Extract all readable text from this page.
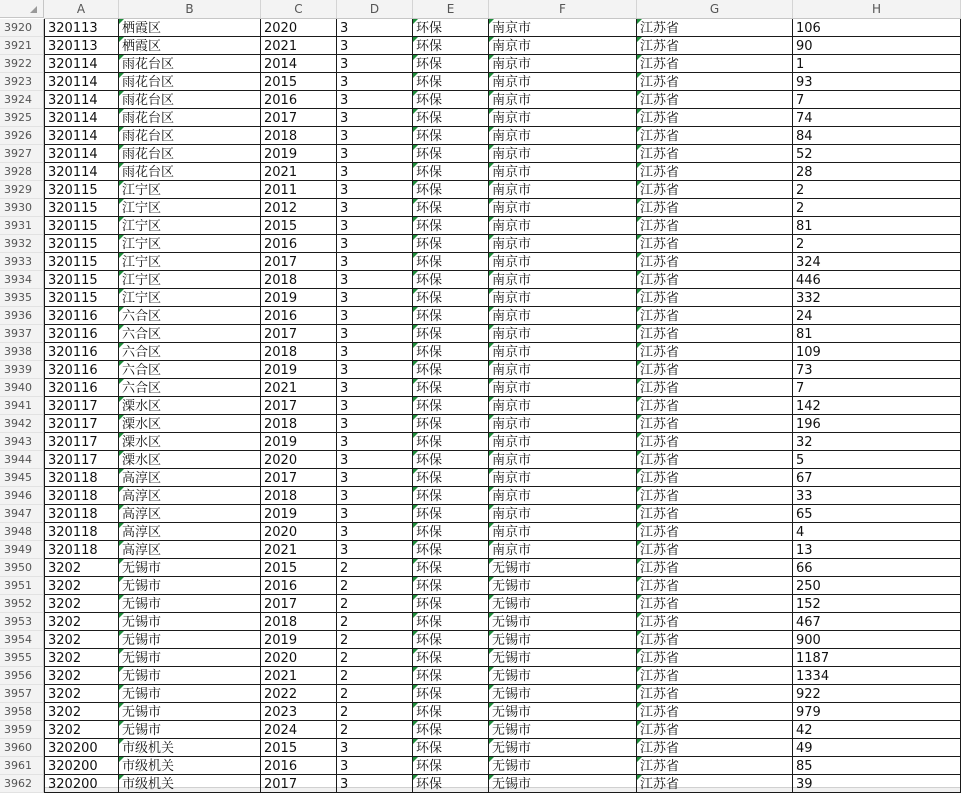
A	B	C	D	E	F	G	H
3920	320113	栖霞区	2020	3	环保	南京市	江苏省	106
3921	320113	栖霞区	2021	3	环保	南京市	江苏省	90
3922	320114	雨花台区	2014	3	环保	南京市	江苏省	1
3923	320114	雨花台区	2015	3	环保	南京市	江苏省	93
3924	320114	雨花台区	2016	3	环保	南京市	江苏省	7
3925	320114	雨花台区	2017	3	环保	南京市	江苏省	74
3926	320114	雨花台区	2018	3	环保	南京市	江苏省	84
3927	320114	雨花台区	2019	3	环保	南京市	江苏省	52
3928	320114	雨花台区	2021	3	环保	南京市	江苏省	28
3929	320115	江宁区	2011	3	环保	南京市	江苏省	2
3930	320115	江宁区	2012	3	环保	南京市	江苏省	2
3931	320115	江宁区	2015	3	环保	南京市	江苏省	81
3932	320115	江宁区	2016	3	环保	南京市	江苏省	2
3933	320115	江宁区	2017	3	环保	南京市	江苏省	324
3934	320115	江宁区	2018	3	环保	南京市	江苏省	446
3935	320115	江宁区	2019	3	环保	南京市	江苏省	332
3936	320116	六合区	2016	3	环保	南京市	江苏省	24
3937	320116	六合区	2017	3	环保	南京市	江苏省	81
3938	320116	六合区	2018	3	环保	南京市	江苏省	109
3939	320116	六合区	2019	3	环保	南京市	江苏省	73
3940	320116	六合区	2021	3	环保	南京市	江苏省	7
3941	320117	溧水区	2017	3	环保	南京市	江苏省	142
3942	320117	溧水区	2018	3	环保	南京市	江苏省	196
3943	320117	溧水区	2019	3	环保	南京市	江苏省	32
3944	320117	溧水区	2020	3	环保	南京市	江苏省	5
3945	320118	高淳区	2017	3	环保	南京市	江苏省	67
3946	320118	高淳区	2018	3	环保	南京市	江苏省	33
3947	320118	高淳区	2019	3	环保	南京市	江苏省	65
3948	320118	高淳区	2020	3	环保	南京市	江苏省	4
3949	320118	高淳区	2021	3	环保	南京市	江苏省	13
3950	3202	无锡市	2015	2	环保	无锡市	江苏省	66
3951	3202	无锡市	2016	2	环保	无锡市	江苏省	250
3952	3202	无锡市	2017	2	环保	无锡市	江苏省	152
3953	3202	无锡市	2018	2	环保	无锡市	江苏省	467
3954	3202	无锡市	2019	2	环保	无锡市	江苏省	900
3955	3202	无锡市	2020	2	环保	无锡市	江苏省	1187
3956	3202	无锡市	2021	2	环保	无锡市	江苏省	1334
3957	3202	无锡市	2022	2	环保	无锡市	江苏省	922
3958	3202	无锡市	2023	2	环保	无锡市	江苏省	979
3959	3202	无锡市	2024	2	环保	无锡市	江苏省	42
3960	320200	市级机关	2015	3	环保	无锡市	江苏省	49
3961	320200	市级机关	2016	3	环保	无锡市	江苏省	85
3962	320200	市级机关	2017	3	环保	无锡市	江苏省	39
